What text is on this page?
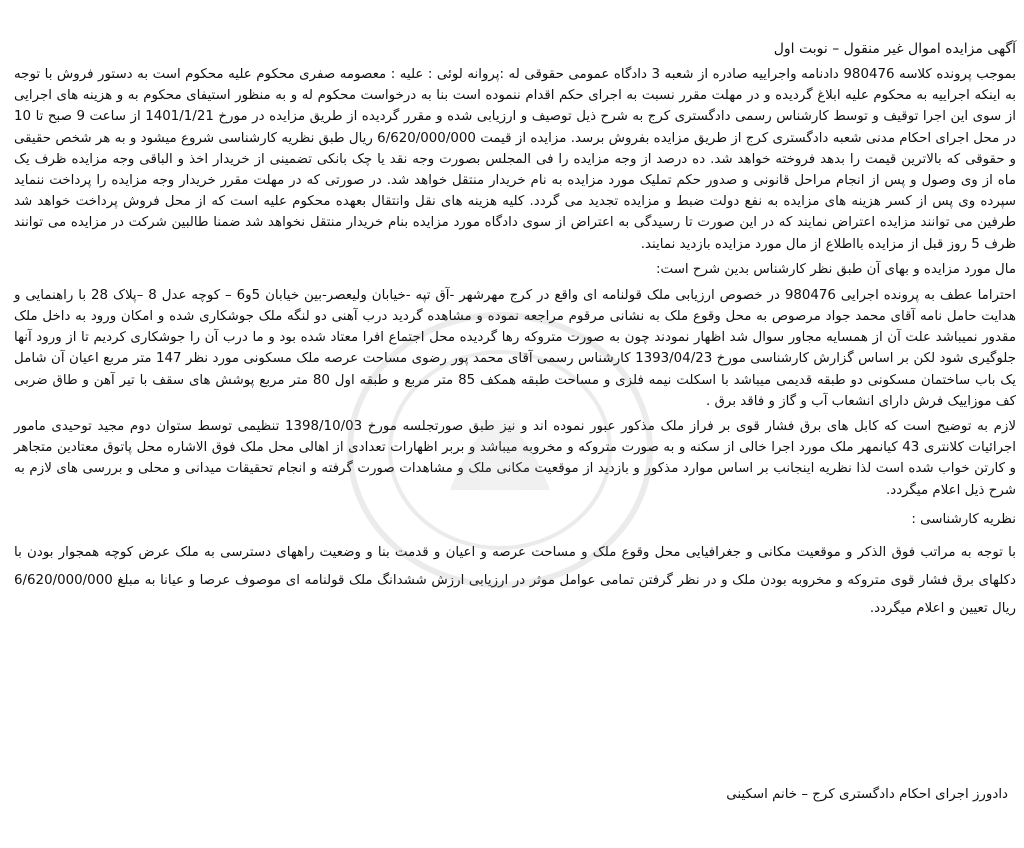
آگهی مزایده اموال غیر منقول – نوبت اول

بموجب پرونده کلاسه 980476 دادنامه واجراییه صادره از شعبه 3 دادگاه عمومی حقوقی له :پروانه لوئی : علیه : معصومه صفری محکوم علیه محکوم است به دستور فروش با توجه به اینکه اجراییه به محکوم علیه ابلاغ گردیده و در مهلت مقرر نسبت به اجرای حکم اقدام ننموده است بنا به درخواست محکوم له و به منظور استیفای محکوم به و هزینه های اجرایی از سوی این اجرا توقیف و توسط کارشناس رسمی دادگستری کرج به شرح ذیل توصیف و ارزیابی شده و مقرر گردیده از طریق مزایده در مورخ 1401/1/21 از ساعت 9 صبح تا 10 در محل اجرای احکام مدنی شعبه دادگستری کرج از طریق مزایده بفروش برسد. مزایده از قیمت 6/620/000/000 ریال طبق نظریه کارشناسی شروع میشود و به هر شخص حقیقی و حقوقی که بالاترین قیمت را بدهد فروخته خواهد شد. ده درصد از وجه مزایده را فی المجلس بصورت وجه نقد یا چک بانکی تضمینی از خریدار اخذ و الباقی وجه مزایده ظرف یک ماه از وی وصول و پس از انجام مراحل قانونی و صدور حکم تملیک مورد مزایده به نام خریدار منتقل خواهد شد. در صورتی که در مهلت مقرر خریدار وجه مزایده را پرداخت ننماید سپرده وی پس از کسر هزینه های مزایده به نفع دولت ضبط و مزایده تجدید می گردد. کلیه هزینه های نقل وانتقال بعهده محکوم علیه است که از محل فروش پرداخت خواهد شد طرفین می توانند مزایده اعتراض نمایند که در این صورت تا رسیدگی به اعتراض از سوی دادگاه مورد مزایده بنام خریدار منتقل نخواهد شد ضمنا طالبین شرکت در مزایده می توانند ظرف 5 روز قبل از مزایده بااطلاع از مال مورد مزایده بازدید نمایند.

مال مورد مزایده و بهای آن طبق نظر کارشناس بدین شرح است:

احتراما عطف به پرونده اجرایی 980476 در خصوص ارزیابی ملک قولنامه ای واقع در کرج مهرشهر -آق تپه -خیابان ولیعصر-بین خیابان 5و6 – کوچه عدل 8 –پلاک 28 با راهنمایی و هدایت حامل نامه آقای محمد جواد مرصوص به محل وقوع ملک به نشانی مرقوم مراجعه نموده و مشاهده گردید درب آهنی دو لنگه ملک جوشکاری شده و امکان ورود به داخل ملک مقدور نمیباشد علت آن از همسایه مجاور سوال شد اظهار نمودند چون به صورت متروکه رها گردیده محل اجتماع افرا معتاد شده بود و ما درب آن را جوشکاری کردیم تا از ورود آنها جلوگیری شود لکن بر اساس گزارش کارشناسی مورخ 1393/04/23 کارشناس رسمی آقای محمد پور رضوی مساحت عرصه ملک مسکونی مورد نظر 147 متر مربع اعیان آن شامل یک باب ساختمان مسکونی دو طبقه قدیمی میباشد با اسکلت نیمه فلزی و مساحت طبقه همکف 85 متر مربع و طبقه اول 80 متر مربع پوشش های سقف با تیر آهن و طاق ضربی کف موزاییک فرش دارای انشعاب آب و گاز و فاقد برق .

لازم به توضیح است که کابل های برق فشار قوی بر فراز ملک مذکور عبور نموده اند و نیز طبق صورتجلسه مورخ 1398/10/03 تنظیمی توسط ستوان دوم مجید توحیدی مامور اجرائیات کلانتری 43 کیانمهر ملک مورد اجرا خالی از سکنه و به صورت متروکه و مخروبه میباشد و بربر اظهارات تعدادی از اهالی محل ملک فوق الاشاره محل پاتوق معتادین متجاهر و کارتن خواب شده است لذا نظریه اینجانب بر اساس موارد مذکور و بازدید از موقعیت مکانی ملک و مشاهدات صورت گرفته و انجام تحقیقات میدانی و محلی و بررسی های لازم به شرح ذیل اعلام میگردد.

نظریه کارشناسی :

با توجه به مراتب فوق الذکر و موقعیت مکانی و جغرافیایی محل وقوع ملک و مساحت عرصه و اعیان و قدمت بنا و وضعیت راههای دسترسی به ملک عرض کوچه همجوار بودن با دکلهای برق فشار قوی متروکه و مخروبه بودن ملک و در نظر گرفتن تمامی عوامل موثر در ارزیابی ارزش ششدانگ ملک قولنامه ای موصوف عرصا و عیانا به مبلغ 6/620/000/000 ریال تعیین و اعلام میگردد.

دادورز اجرای احکام دادگستری کرج – خانم اسکینی
